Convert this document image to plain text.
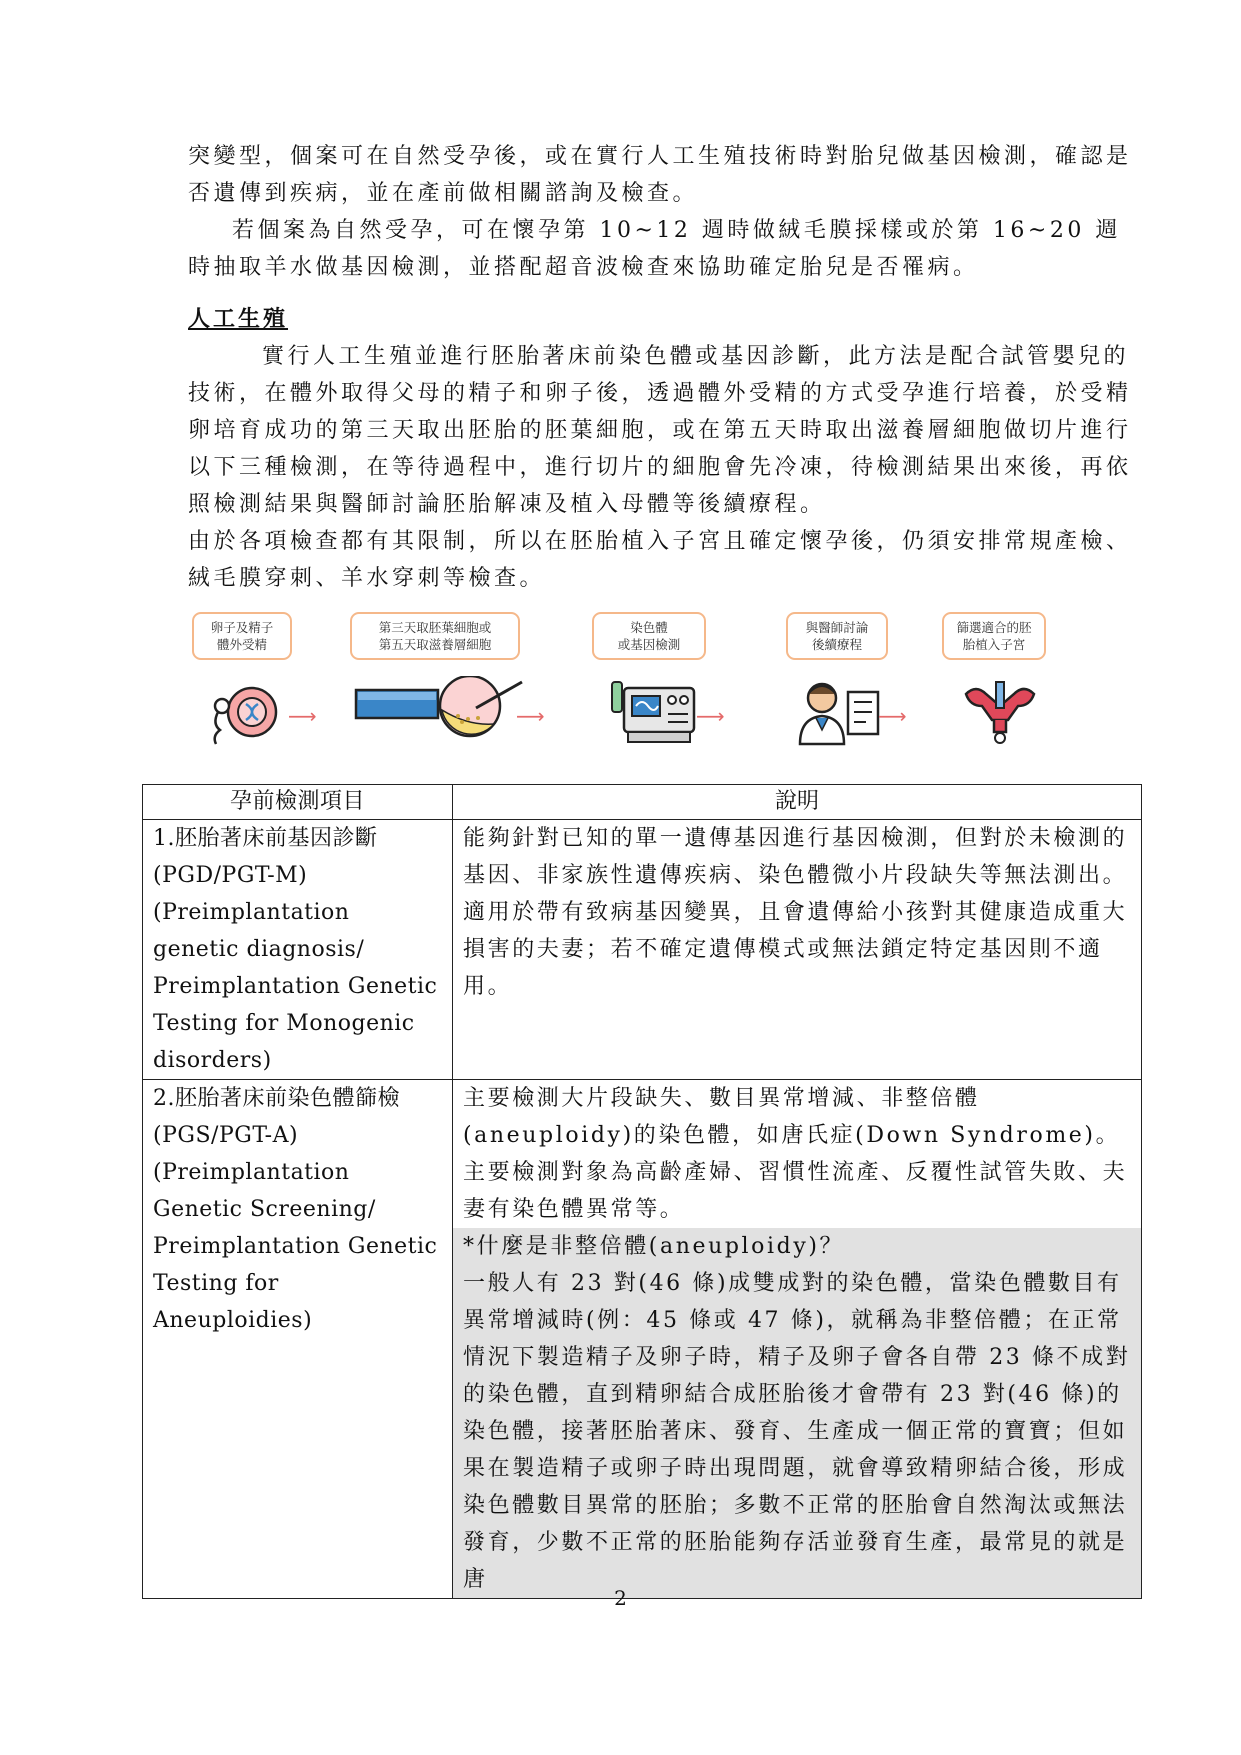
突變型，個案可在自然受孕後，或在實行人工生殖技術時對胎兒做基因檢測，確認是否遺傳到疾病，並在產前做相關諮詢及檢查。

若個案為自然受孕，可在懷孕第 10~12 週時做絨毛膜採樣或於第 16~20 週時抽取羊水做基因檢測，並搭配超音波檢查來協助確定胎兒是否罹病。

人工生殖

實行人工生殖並進行胚胎著床前染色體或基因診斷，此方法是配合試管嬰兒的技術，在體外取得父母的精子和卵子後，透過體外受精的方式受孕進行培養，於受精卵培育成功的第三天取出胚胎的胚葉細胞，或在第五天時取出滋養層細胞做切片進行以下三種檢測，在等待過程中，進行切片的細胞會先冷凍，待檢測結果出來後，再依照檢測結果與醫師討論胚胎解凍及植入母體等後續療程。

由於各項檢查都有其限制，所以在胚胎植入子宮且確定懷孕後，仍須安排常規產檢、絨毛膜穿刺、羊水穿刺等檢查。

卵子及精子
體外受精
⟶
第三天取胚葉細胞或
第五天取滋養層細胞
⟶
染色體
或基因檢測
⟶
與醫師討論
後續療程
⟶
篩選適合的胚
胎植入子宮
孕前檢測項目	說明
1.胚胎著床前基因診斷 (PGD/PGT-M) (Preimplantation genetic diagnosis/ Preimplantation Genetic Testing for Monogenic disorders)	能夠針對已知的單一遺傳基因進行基因檢測，但對於未檢測的基因、非家族性遺傳疾病、染色體微小片段缺失等無法測出。適用於帶有致病基因變異，且會遺傳給小孩對其健康造成重大損害的夫妻；若不確定遺傳模式或無法鎖定特定基因則不適用。
2.胚胎著床前染色體篩檢 (PGS/PGT-A) (Preimplantation Genetic Screening/ Preimplantation Genetic Testing for Aneuploidies)	主要檢測大片段缺失、數目異常增減、非整倍體(aneuploidy)的染色體，如唐氏症(Down Syndrome)。

主要檢測對象為高齡產婦、習慣性流產、反覆性試管失敗、夫妻有染色體異常等。

*什麼是非整倍體(aneuploidy)？

一般人有 23 對(46 條)成雙成對的染色體，當染色體數目有異常增減時(例：45 條或 47 條)，就稱為非整倍體；在正常情況下製造精子及卵子時，精子及卵子會各自帶 23 條不成對的染色體，直到精卵結合成胚胎後才會帶有 23 對(46 條)的染色體，接著胚胎著床、發育、生產成一個正常的寶寶；但如果在製造精子或卵子時出現問題，就會導致精卵結合後，形成染色體數目異常的胚胎；多數不正常的胚胎會自然淘汰或無法發育，少數不正常的胚胎能夠存活並發育生產，最常見的就是唐

2
